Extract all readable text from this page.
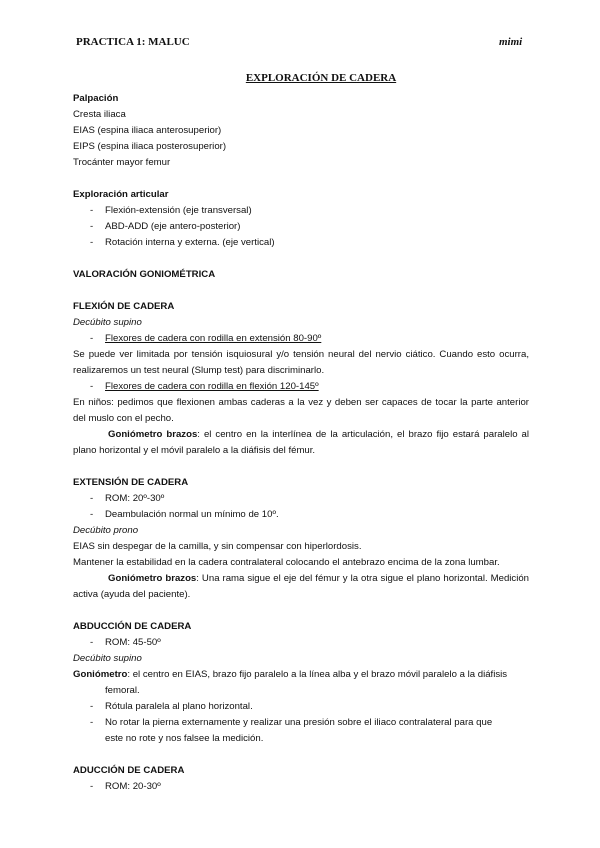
PRACTICA 1: MALUC	mimi
EXPLORACIÓN DE CADERA
Palpación
Cresta iliaca
EIAS (espina iliaca anterosuperior)
EIPS (espina iliaca posterosuperior)
Trocánter mayor femur
Exploración articular
- Flexión-extensión (eje transversal)
- ABD-ADD (eje antero-posterior)
- Rotación interna y externa. (eje vertical)
VALORACIÓN GONIOMÉTRICA
FLEXIÓN DE CADERA
Decúbito supino
- Flexores de cadera con rodilla en extensión 80-90º
Se puede ver limitada por tensión isquiosural y/o tensión neural del nervio ciático. Cuando esto ocurra, realizaremos un test neural (Slump test) para discriminarlo.
- Flexores de cadera con rodilla en flexión 120-145º
En niños: pedimos que flexionen ambas caderas a la vez y deben ser capaces de tocar la parte anterior del muslo con el pecho.
Goniómetro brazos: el centro en la interlínea de la articulación, el brazo fijo estará paralelo al plano horizontal y el móvil paralelo a la diáfisis del fémur.
EXTENSIÓN DE CADERA
- ROM: 20º-30º
- Deambulación normal un mínimo de 10º.
Decúbito prono
EIAS sin despegar de la camilla, y sin compensar con hiperlordosis.
Mantener la estabilidad en la cadera contralateral colocando el antebrazo encima de la zona lumbar.
Goniómetro brazos: Una rama sigue el eje del fémur y la otra sigue el plano horizontal. Medición activa (ayuda del paciente).
ABDUCCIÓN DE CADERA
- ROM: 45-50º
Decúbito supino
Goniómetro: el centro en EIAS, brazo fijo paralelo a la línea alba y el brazo móvil paralelo a la diáfisis
femoral.
- Rótula paralela al plano horizontal.
- No rotar la pierna externamente y realizar una presión sobre el iliaco contralateral para que
este no rote y nos falsee la medición.
ADUCCIÓN DE CADERA
- ROM: 20-30º
